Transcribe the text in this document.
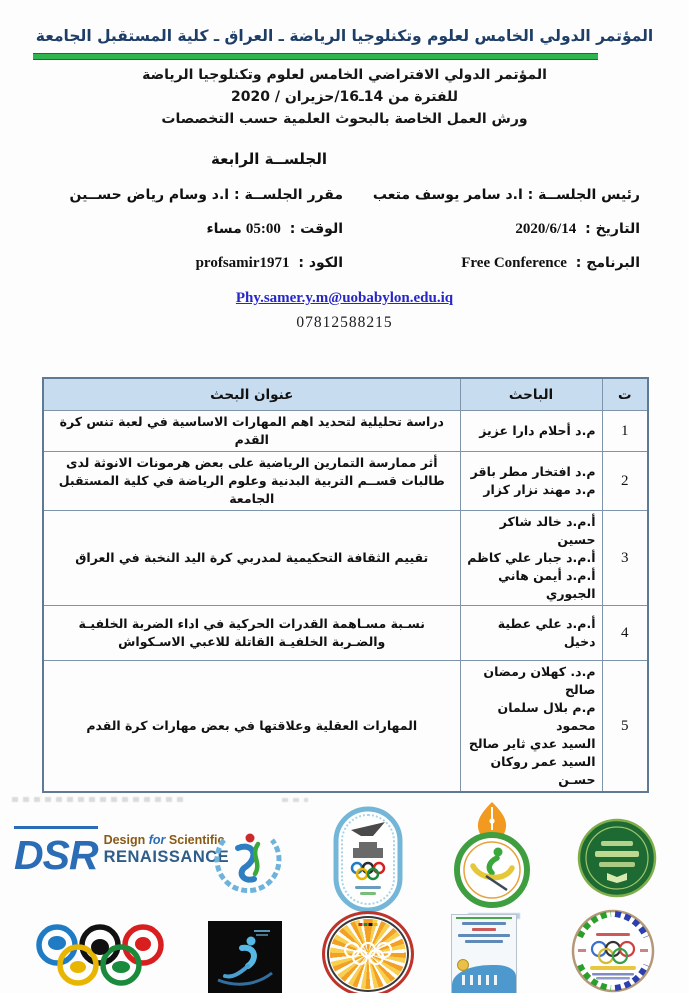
المؤتمر الدولي الخامس لعلوم وتكنلوجيا الرياضة ـ العراق ـ كلية المستقبل الجامعة
المؤتمر الدولي الافتراضي الخامس لعلوم وتكنلوجيا الرياضة
للفترة من 14ـ16/حزيران / 2020
ورش العمل الخاصة بالبحوث العلمية حسب التخصصات
الجلســة الرابعة
رئيس الجلســة : ا.د سامر يوسف متعب
مقرر الجلســة : ا.د وسام رياض حســين
التاريخ : 2020/6/14
الوقت : 05:00مساء
البرنامج : Free Conference
الكود : profsamir1971
Phy.samer.y.m@uobabylon.edu.iq
07812588215
ت	الباحث	عنوان البحث
1	م.د أحلام دارا عزيز	دراسة تحليلية لتحديد اهم المهارات الاساسية في لعبة تنس كرة القدم
2	م.د افتخار مطر باقر
م.د مهند نزار كزار	أثر ممارسة التمارين الرياضية على بعض هرمونات الانوثة لدى طالبات قســم التربية البدنية وعلوم الرياضة في كلية المستقبل الجامعة
3	أ.م.د خالد شاكر حسين
أ.م.د جبار علي كاظم
أ.م.د أيمن هاني الجبوري	تقييم الثقافة التحكيمية لمدربي كرة اليد النخبة في العراق
4	أ.م.د علي عطية دخيل	نسـبة مسـاهمة القدرات الحركية في اداء الضربة الخلفيـة والضـربة الخلفيـة القاتلة للاعبي الاسـكواش
5	م.د. كهلان رمضان صالح
م.م بلال سلمان محمود
السيد عدي ثاير صالح
السيد عمر روكان حسـن	المهارات العقلية وعلاقتها في بعض مهارات كرة القدم
DSR Design for Scientific
RENAISSANCE
